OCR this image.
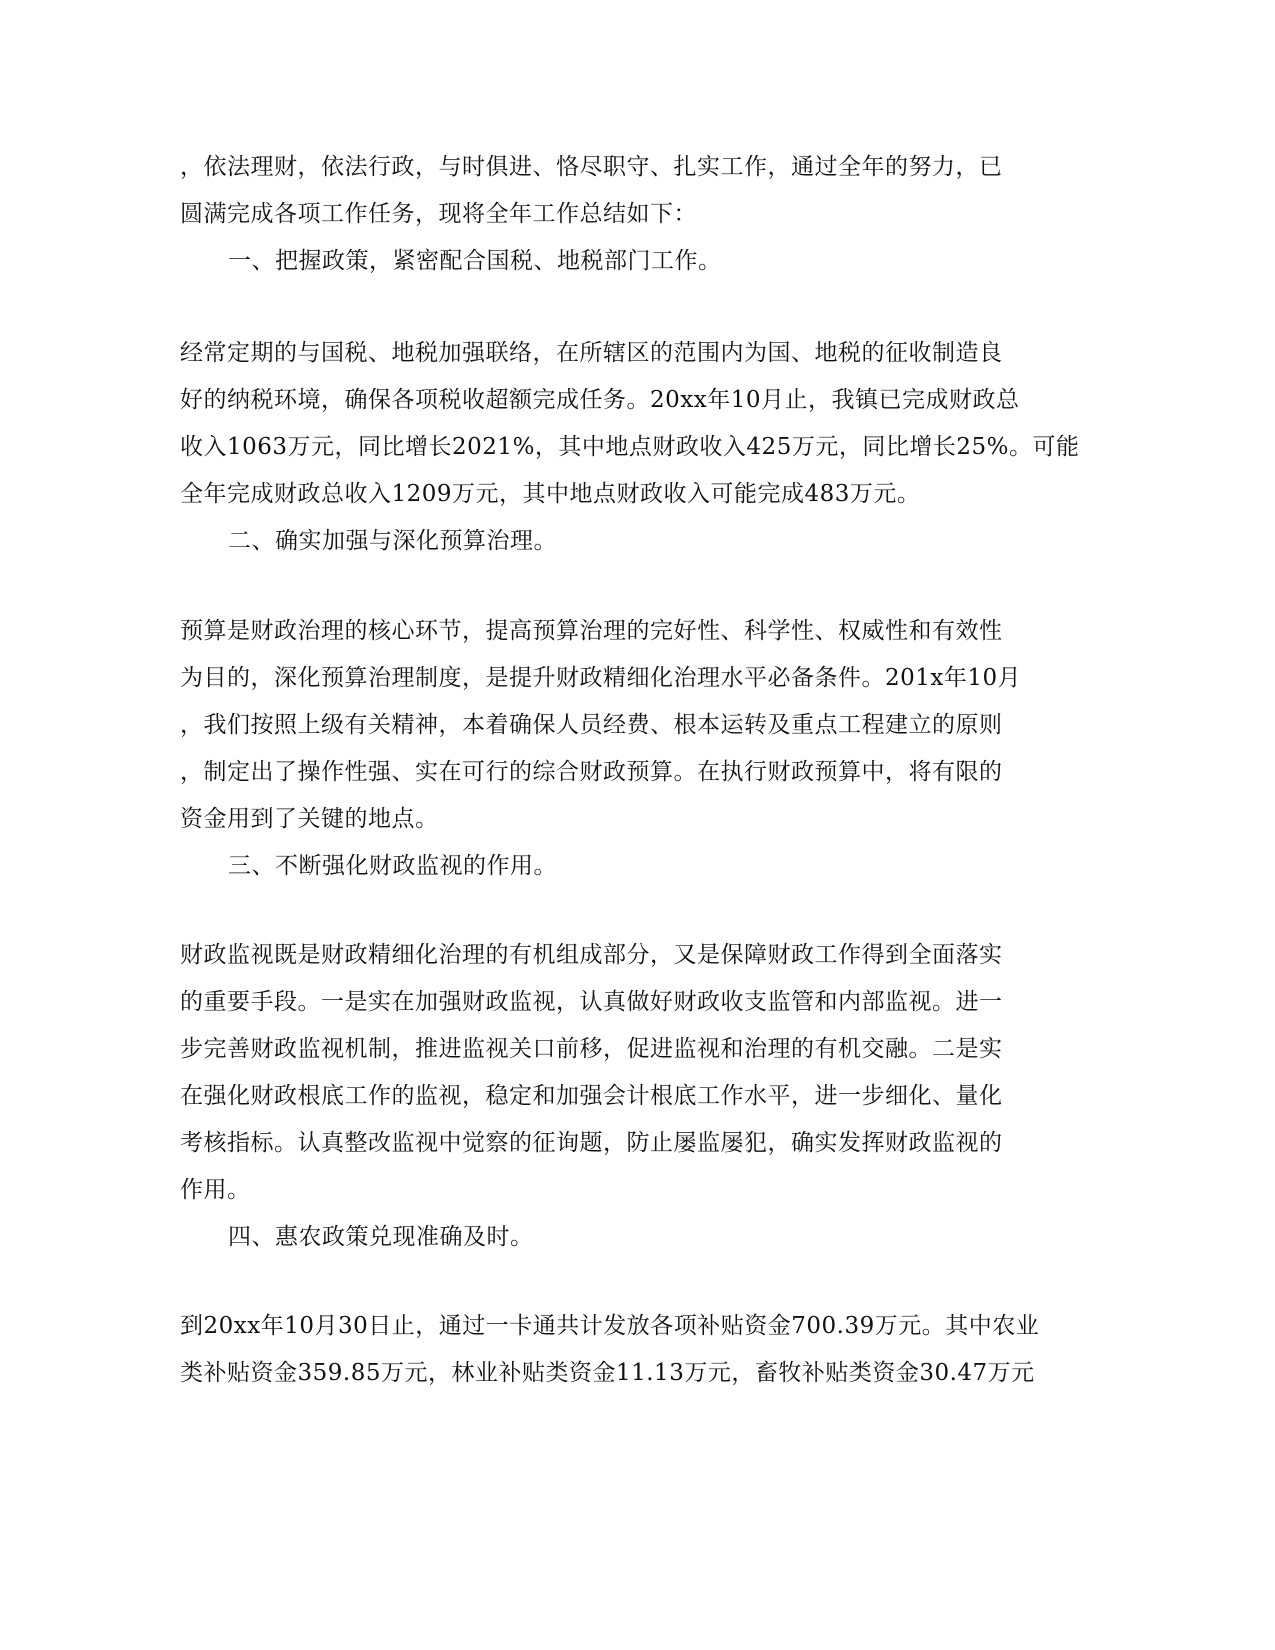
，依法理财，依法行政，与时俱进、恪尽职守、扎实工作，通过全年的努力，已
圆满完成各项工作任务，现将全年工作总结如下：
一、把握政策，紧密配合国税、地税部门工作。
经常定期的与国税、地税加强联络，在所辖区的范围内为国、地税的征收制造良
好的纳税环境，确保各项税收超额完成任务。20xx年10月止，我镇已完成财政总
收入1063万元，同比增长2021%，其中地点财政收入425万元，同比增长25%。可能
全年完成财政总收入1209万元，其中地点财政收入可能完成483万元。
二、确实加强与深化预算治理。
预算是财政治理的核心环节，提高预算治理的完好性、科学性、权威性和有效性
为目的，深化预算治理制度，是提升财政精细化治理水平必备条件。201x年10月
，我们按照上级有关精神，本着确保人员经费、根本运转及重点工程建立的原则
，制定出了操作性强、实在可行的综合财政预算。在执行财政预算中，将有限的
资金用到了关键的地点。
三、不断强化财政监视的作用。
财政监视既是财政精细化治理的有机组成部分，又是保障财政工作得到全面落实
的重要手段。一是实在加强财政监视，认真做好财政收支监管和内部监视。进一
步完善财政监视机制，推进监视关口前移，促进监视和治理的有机交融。二是实
在强化财政根底工作的监视，稳定和加强会计根底工作水平，进一步细化、量化
考核指标。认真整改监视中觉察的征询题，防止屡监屡犯，确实发挥财政监视的
作用。
四、惠农政策兑现准确及时。
到20xx年10月30日止，通过一卡通共计发放各项补贴资金700.39万元。其中农业
类补贴资金359.85万元，林业补贴类资金11.13万元，畜牧补贴类资金30.47万元
